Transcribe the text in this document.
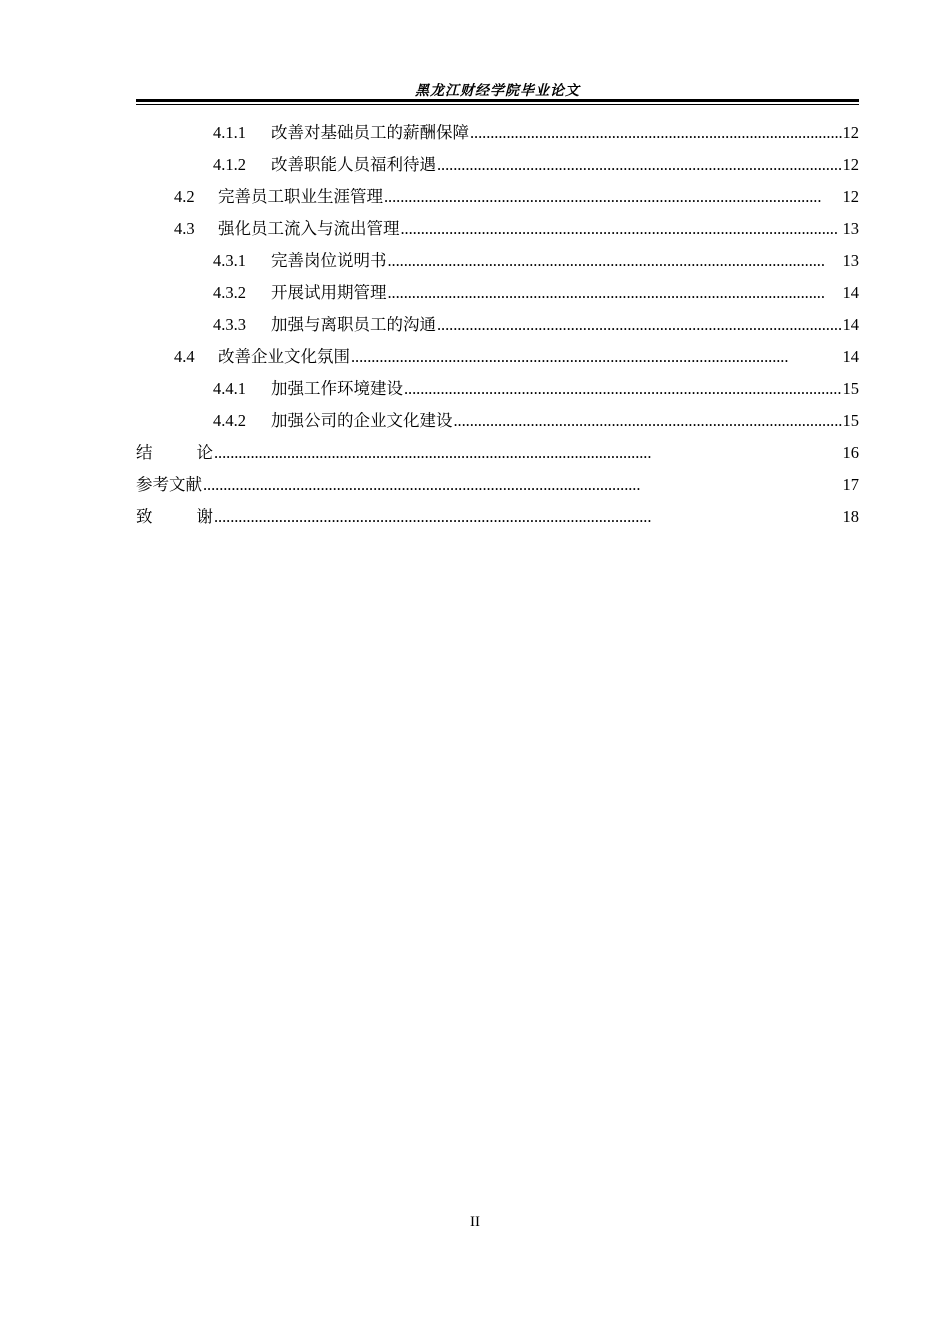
黑龙江财经学院毕业论文
4.1.1	改善对基础员工的薪酬保障 . . .	12
4.1.2	改善职能人员福利待遇 . . .	12
4.2	完善员工职业生涯管理 . . .	12
4.3	强化员工流入与流出管理 . . .	13
4.3.1	完善岗位说明书 . . .	13
4.3.2	开展试用期管理 . . .	14
4.3.3	加强与离职员工的沟通 . . .	14
4.4	改善企业文化氛围 . . .	14
4.4.1	加强工作环境建设 . . .	15
4.4.2	加强公司的企业文化建设 . . .	15
结	论 . . .	16
参考文献 . . .	17
致	谢 . . .	18
II
